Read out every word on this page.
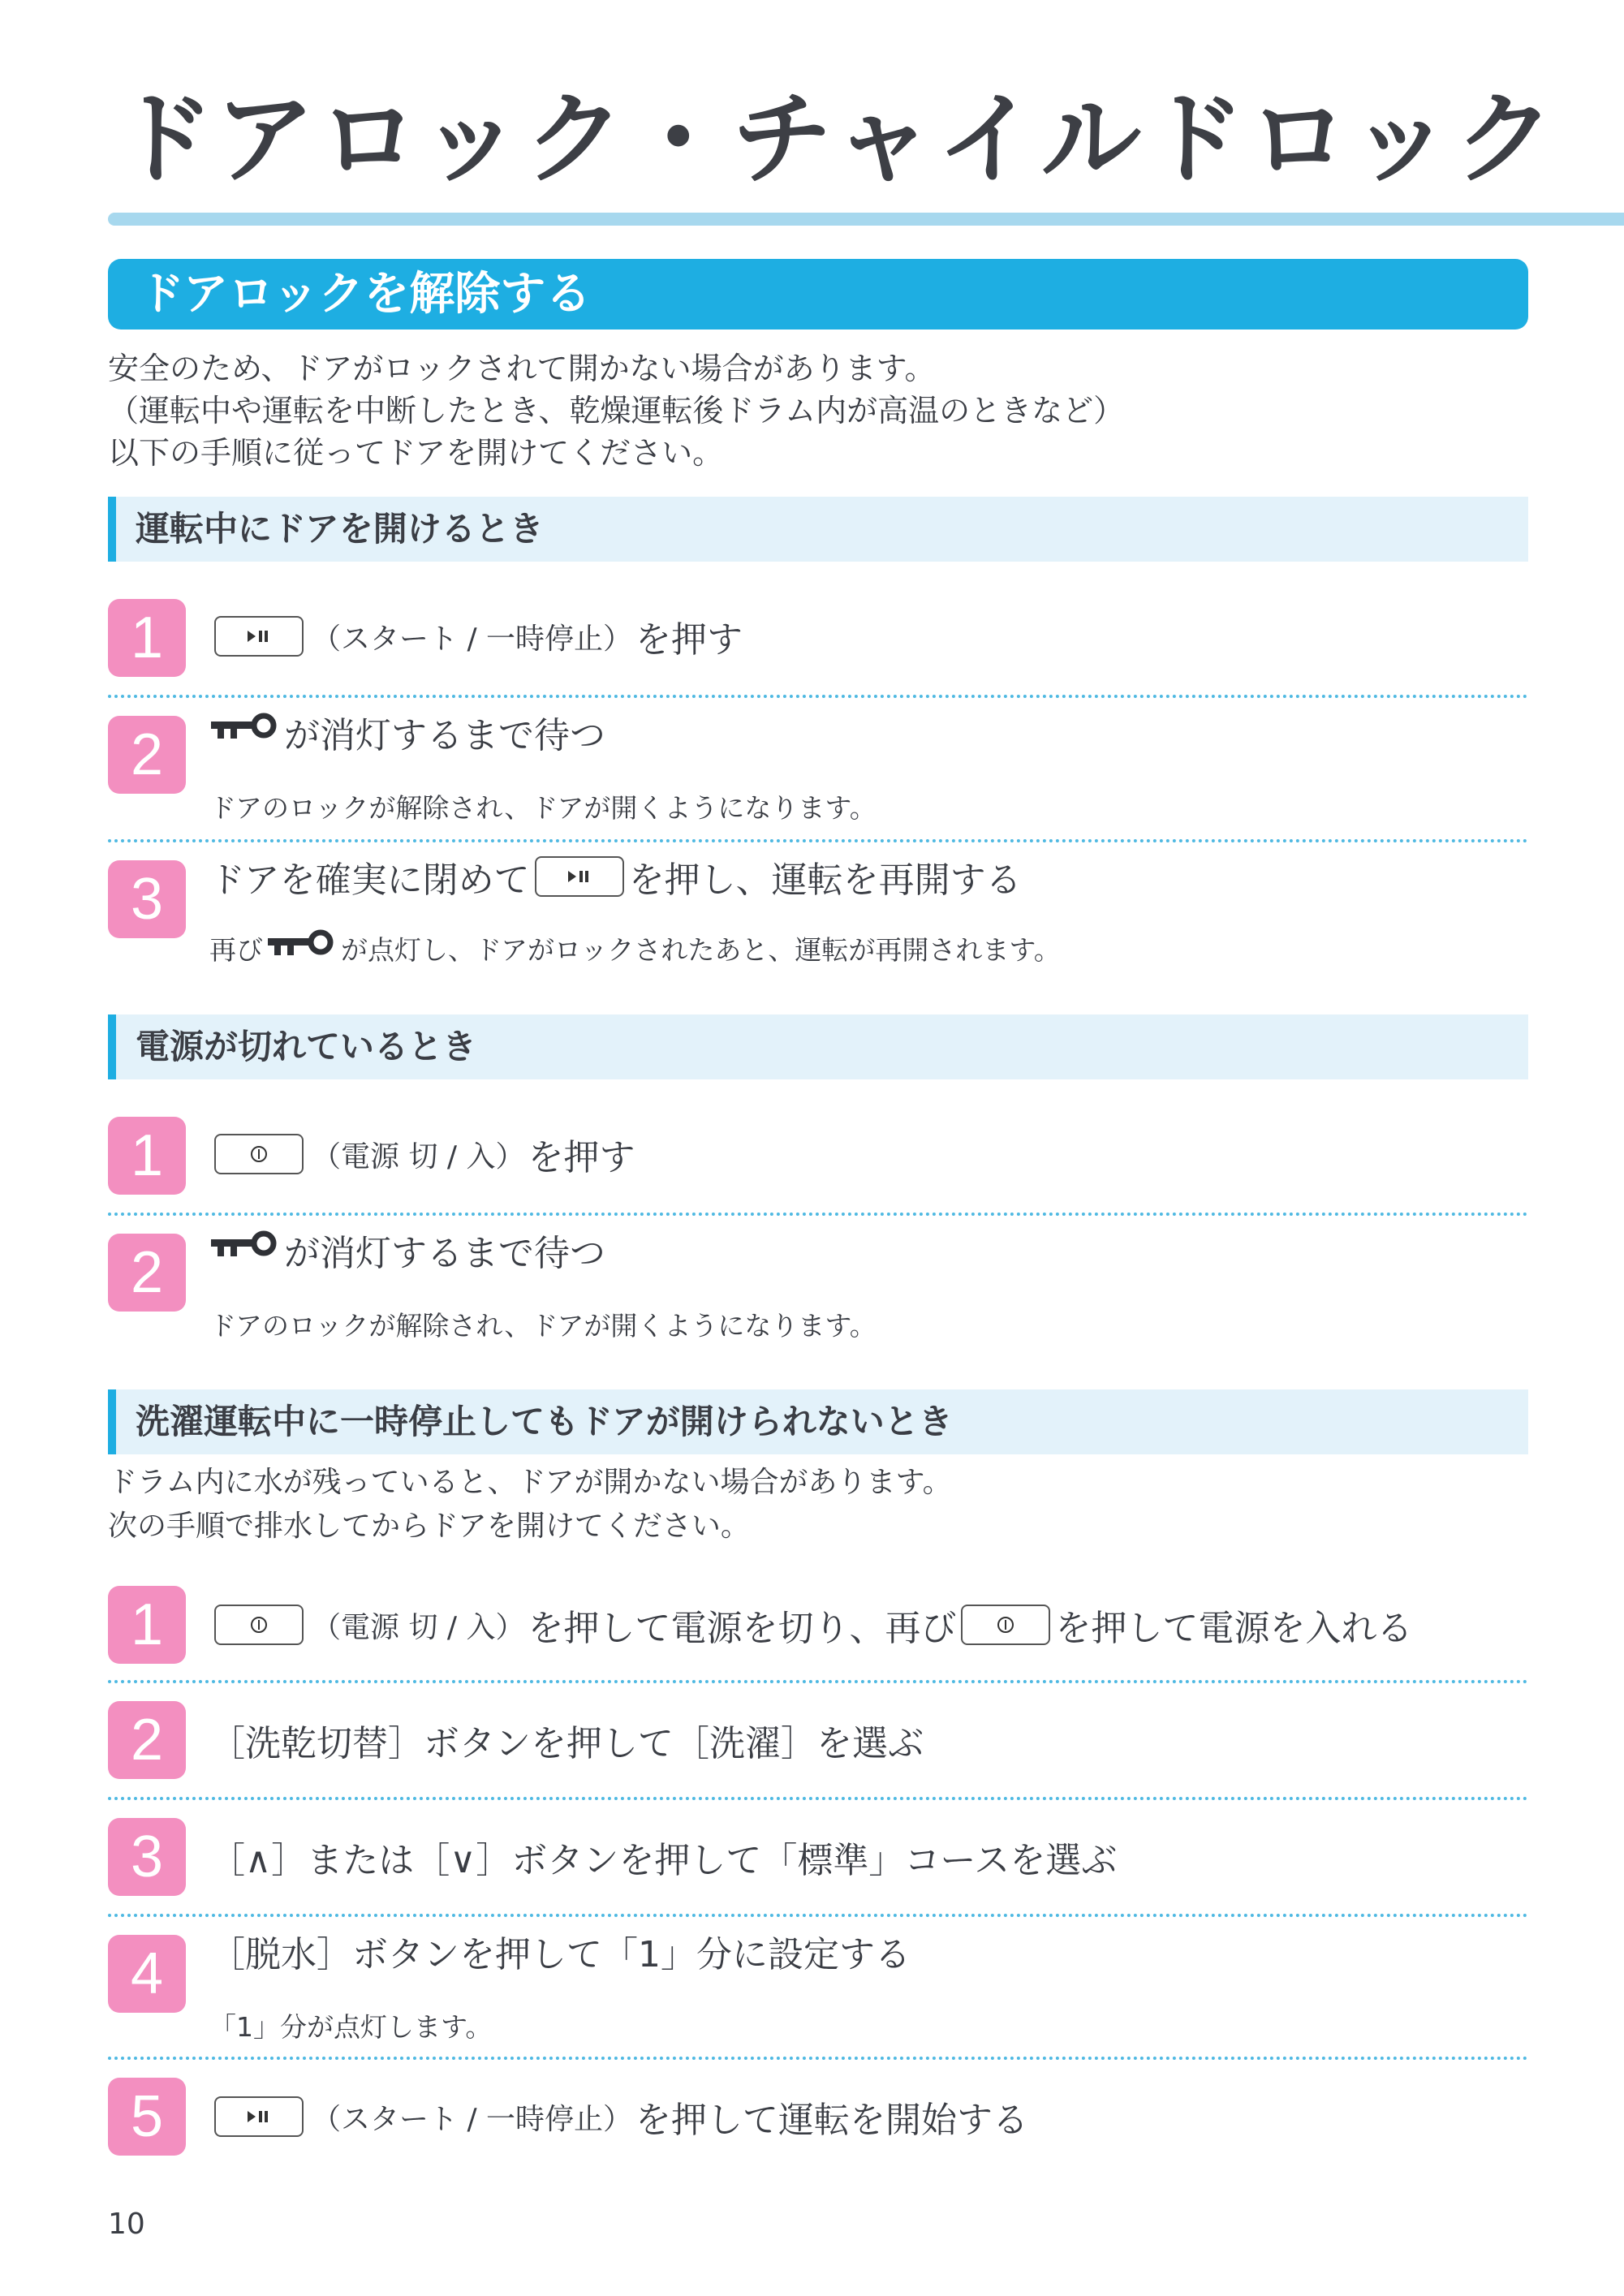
ドアロック・チャイルドロック
ドアロックを解除する
安全のため、ドアがロックされて開かない場合があります。
（運転中や運転を中断したとき、乾燥運転後ドラム内が高温のときなど）
以下の手順に従ってドアを開けてください。
運転中にドアを開けるとき
1	（スタート / 一時停止） を押す
2	が消灯するまで待つ
ドアのロックが解除され、ドアが開くようになります。
3	ドアを確実に閉めて	を押し、運転を再開する
再び	が点灯し、ドアがロックされたあと、運転が再開されます。
電源が切れているとき
1	（電源 切 / 入） を押す
2	が消灯するまで待つ
ドアのロックが解除され、ドアが開くようになります。
洗濯運転中に一時停止してもドアが開けられないとき
ドラム内に水が残っていると、ドアが開かない場合があります。
次の手順で排水してからドアを開けてください。
1	（電源 切 / 入） を押して電源を切り、再び	を押して電源を入れる
2	［洗乾切替］ボタンを押して［洗濯］を選ぶ
3	［∧］または［∨］ボタンを押して「標準」コースを選ぶ
4	［脱水］ボタンを押して「1」分に設定する
「1」分が点灯します。
5	（スタート / 一時停止） を押して運転を開始する
10
